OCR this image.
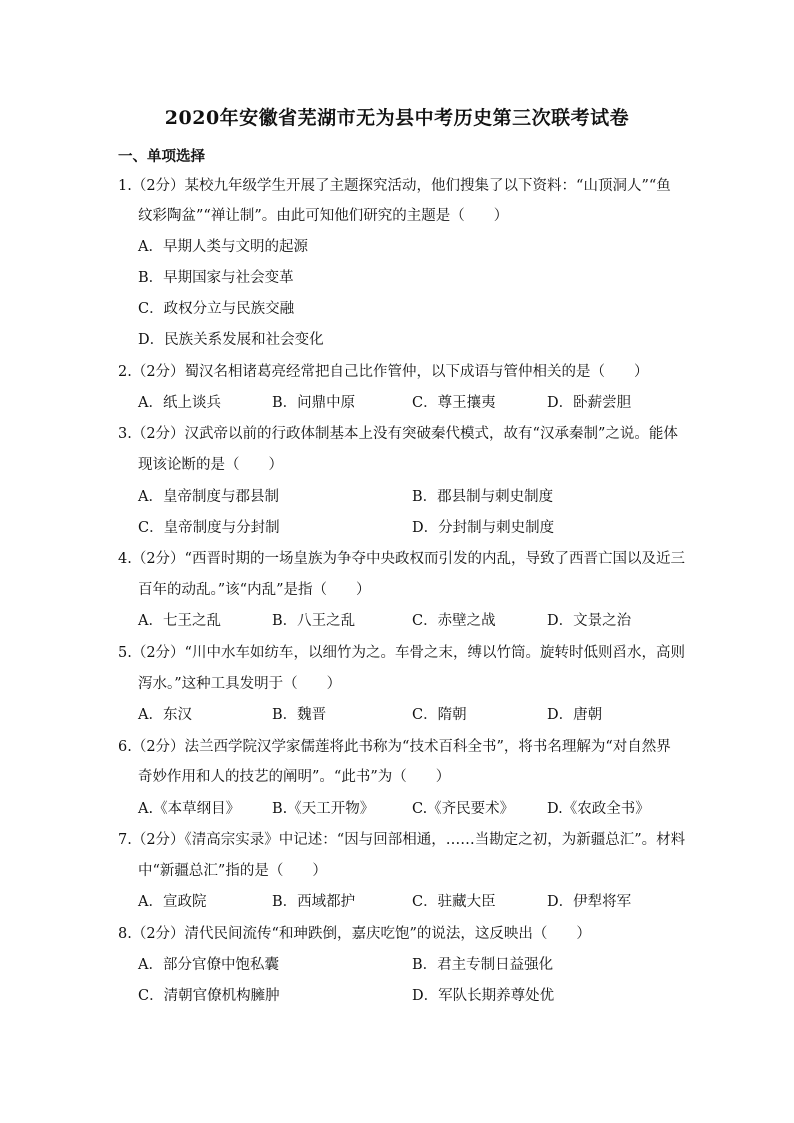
2020年安徽省芜湖市无为县中考历史第三次联考试卷
一、单项选择
1.（2分）某校九年级学生开展了主题探究活动，他们搜集了以下资料：“山顶洞人”“鱼
纹彩陶盆”“禅让制”。由此可知他们研究的主题是（　　）
A．早期人类与文明的起源
B．早期国家与社会变革
C．政权分立与民族交融
D．民族关系发展和社会变化
2.（2分）蜀汉名相诸葛亮经常把自己比作管仲，以下成语与管仲相关的是（　　）
A．纸上谈兵	B．问鼎中原	C．尊王攘夷	D．卧薪尝胆
3.（2分）汉武帝以前的行政体制基本上没有突破秦代模式，故有“汉承秦制”之说。能体
现该论断的是（　　）
A．皇帝制度与郡县制	B．郡县制与刺史制度
C．皇帝制度与分封制	D．分封制与刺史制度
4.（2分）“西晋时期的一场皇族为争夺中央政权而引发的内乱，导致了西晋亡国以及近三
百年的动乱。”该“内乱”是指（　　）
A．七王之乱	B．八王之乱	C．赤壁之战	D．文景之治
5.（2分）“川中水车如纺车，以细竹为之。车骨之末，缚以竹筒。旋转时低则舀水，高则
泻水。”这种工具发明于（　　）
A．东汉	B．魏晋	C．隋朝	D．唐朝
6.（2分）法兰西学院汉学家儒莲将此书称为“技术百科全书”，将书名理解为“对自然界
奇妙作用和人的技艺的阐明”。“此书”为（　　）
A.《本草纲目》 B.《天工开物》	C.《齐民要术》 D.《农政全书》
7.（2分）《清高宗实录》中记述：“因与回部相通，……当勘定之初，为新疆总汇”。材料
中“新疆总汇”指的是（　　）
A．宣政院	B．西域都护	C．驻藏大臣	D．伊犁将军
8.（2分）清代民间流传“和珅跌倒，嘉庆吃饱”的说法，这反映出（　　）
A．部分官僚中饱私囊	B．君主专制日益强化
C．清朝官僚机构臃肿	D．军队长期养尊处优
